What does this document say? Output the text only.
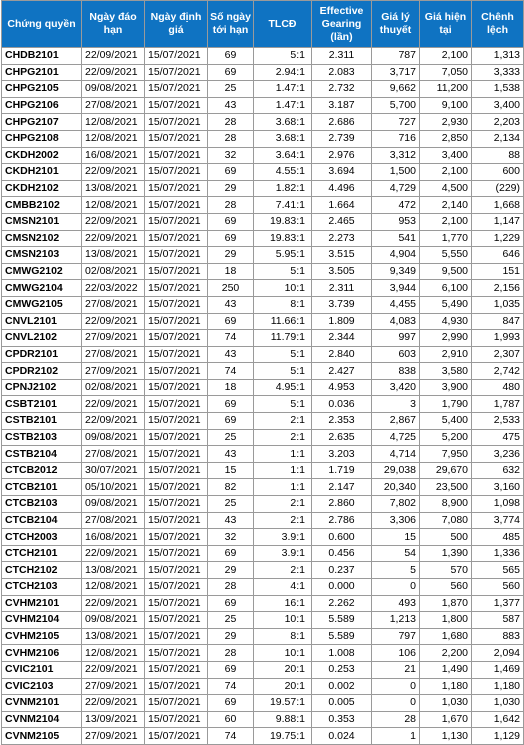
Chứng quyền	Ngày đáo hạn	Ngày định giá	Số ngày tới hạn	TLCĐ	Effective Gearing (lần)	Giá lý thuyết	Giá hiện tại	Chênh lệch
CHDB2101	22/09/2021	15/07/2021	69	5:1	2.311	787	2,100	1,313
CHPG2101	22/09/2021	15/07/2021	69	2.94:1	2.083	3,717	7,050	3,333
CHPG2105	09/08/2021	15/07/2021	25	1.47:1	2.732	9,662	11,200	1,538
CHPG2106	27/08/2021	15/07/2021	43	1.47:1	3.187	5,700	9,100	3,400
CHPG2107	12/08/2021	15/07/2021	28	3.68:1	2.686	727	2,930	2,203
CHPG2108	12/08/2021	15/07/2021	28	3.68:1	2.739	716	2,850	2,134
CKDH2002	16/08/2021	15/07/2021	32	3.64:1	2.976	3,312	3,400	88
CKDH2101	22/09/2021	15/07/2021	69	4.55:1	3.694	1,500	2,100	600
CKDH2102	13/08/2021	15/07/2021	29	1.82:1	4.496	4,729	4,500	(229)
CMBB2102	12/08/2021	15/07/2021	28	7.41:1	1.664	472	2,140	1,668
CMSN2101	22/09/2021	15/07/2021	69	19.83:1	2.465	953	2,100	1,147
CMSN2102	22/09/2021	15/07/2021	69	19.83:1	2.273	541	1,770	1,229
CMSN2103	13/08/2021	15/07/2021	29	5.95:1	3.515	4,904	5,550	646
CMWG2102	02/08/2021	15/07/2021	18	5:1	3.505	9,349	9,500	151
CMWG2104	22/03/2022	15/07/2021	250	10:1	2.311	3,944	6,100	2,156
CMWG2105	27/08/2021	15/07/2021	43	8:1	3.739	4,455	5,490	1,035
CNVL2101	22/09/2021	15/07/2021	69	11.66:1	1.809	4,083	4,930	847
CNVL2102	27/09/2021	15/07/2021	74	11.79:1	2.344	997	2,990	1,993
CPDR2101	27/08/2021	15/07/2021	43	5:1	2.840	603	2,910	2,307
CPDR2102	27/09/2021	15/07/2021	74	5:1	2.427	838	3,580	2,742
CPNJ2102	02/08/2021	15/07/2021	18	4.95:1	4.953	3,420	3,900	480
CSBT2101	22/09/2021	15/07/2021	69	5:1	0.036	3	1,790	1,787
CSTB2101	22/09/2021	15/07/2021	69	2:1	2.353	2,867	5,400	2,533
CSTB2103	09/08/2021	15/07/2021	25	2:1	2.635	4,725	5,200	475
CSTB2104	27/08/2021	15/07/2021	43	1:1	3.203	4,714	7,950	3,236
CTCB2012	30/07/2021	15/07/2021	15	1:1	1.719	29,038	29,670	632
CTCB2101	05/10/2021	15/07/2021	82	1:1	2.147	20,340	23,500	3,160
CTCB2103	09/08/2021	15/07/2021	25	2:1	2.860	7,802	8,900	1,098
CTCB2104	27/08/2021	15/07/2021	43	2:1	2.786	3,306	7,080	3,774
CTCH2003	16/08/2021	15/07/2021	32	3.9:1	0.600	15	500	485
CTCH2101	22/09/2021	15/07/2021	69	3.9:1	0.456	54	1,390	1,336
CTCH2102	13/08/2021	15/07/2021	29	2:1	0.237	5	570	565
CTCH2103	12/08/2021	15/07/2021	28	4:1	0.000	0	560	560
CVHM2101	22/09/2021	15/07/2021	69	16:1	2.262	493	1,870	1,377
CVHM2104	09/08/2021	15/07/2021	25	10:1	5.589	1,213	1,800	587
CVHM2105	13/08/2021	15/07/2021	29	8:1	5.589	797	1,680	883
CVHM2106	12/08/2021	15/07/2021	28	10:1	1.008	106	2,200	2,094
CVIC2101	22/09/2021	15/07/2021	69	20:1	0.253	21	1,490	1,469
CVIC2103	27/09/2021	15/07/2021	74	20:1	0.002	0	1,180	1,180
CVNM2101	22/09/2021	15/07/2021	69	19.57:1	0.005	0	1,030	1,030
CVNM2104	13/09/2021	15/07/2021	60	9.88:1	0.353	28	1,670	1,642
CVNM2105	27/09/2021	15/07/2021	74	19.75:1	0.024	1	1,130	1,129
